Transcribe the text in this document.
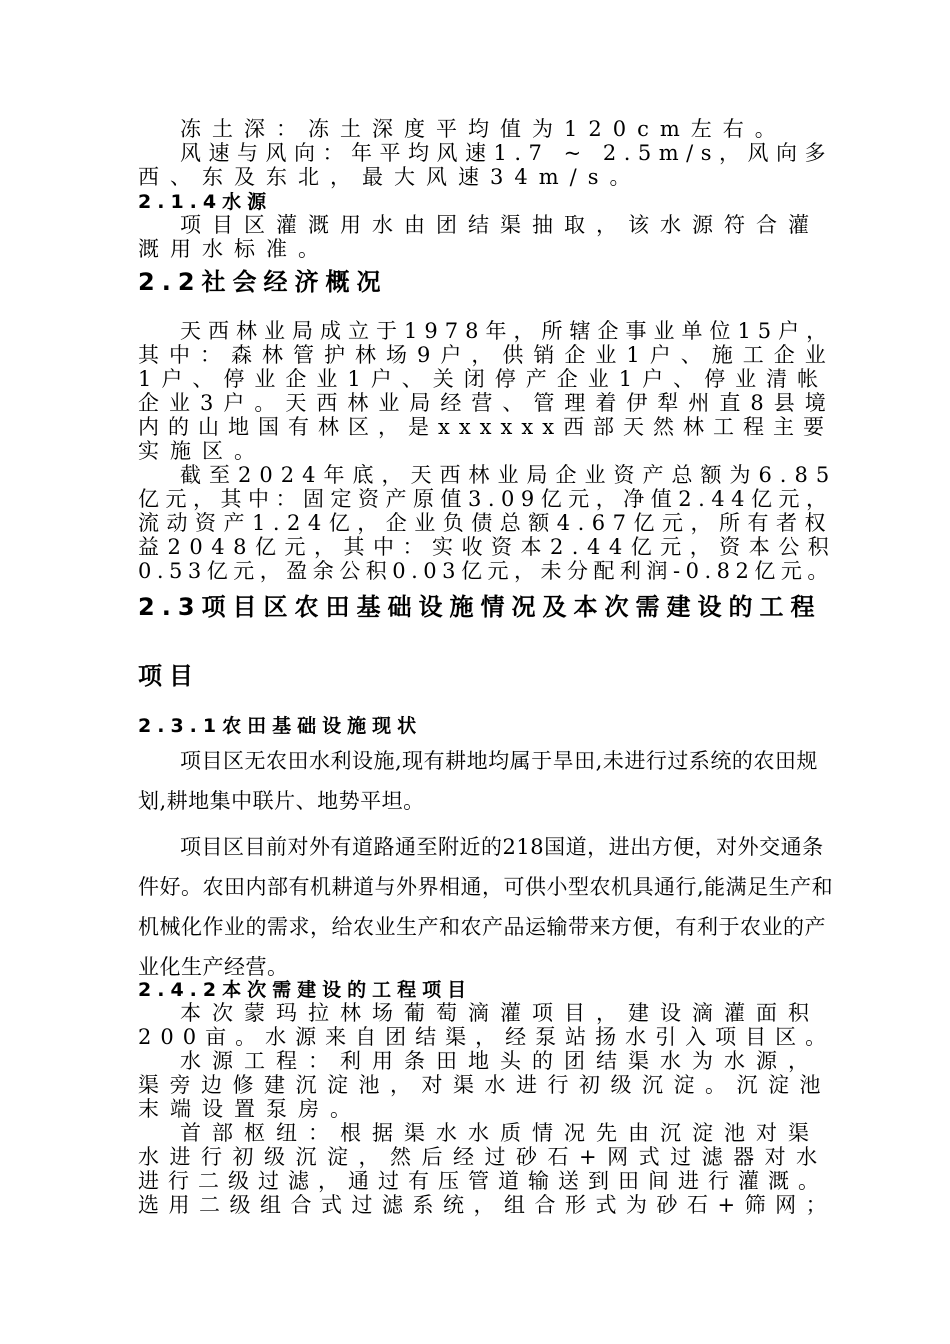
冻土深：冻土深度平均值为120cm左右。
风速与风向：年平均风速1.7 ~ 2.5m/s，风向多
西、东及东北，最大风速34m/s。
2.1.4水源
项目区灌溉用水由团结渠抽取，该水源符合灌
溉用水标准。
2.2社会经济概况
天西林业局成立于1978年，所辖企事业单位15户，
其中：森林管护林场9户，供销企业1户、施工企业
1户、停业企业1户、关闭停产企业1户、停业清帐
企业3户。天西林业局经营、管理着伊犁州直8县境
内的山地国有林区，是xxxxxx西部天然林工程主要
实施区。
截至2024年底，天西林业局企业资产总额为6.85
亿元，其中：固定资产原值3.09亿元，净值2.44亿元，
流动资产1.24亿，企业负债总额4.67亿元，所有者权
益2048亿元，其中：实收资本2.44亿元，资本公积
0.53亿元，盈余公积0.03亿元，未分配利润-0.82亿元。
2.3项目区农田基础设施情况及本次需建设的工程
项目
2.3.1农田基础设施现状

项目区无农田水利设施,现有耕地均属于旱田,未进行过系统的农田规划,耕地集中联片、地势平坦。

项目区目前对外有道路通至附近的218国道，进出方便，对外交通条件好。农田内部有机耕道与外界相通，可供小型农机具通行,能满足生产和机械化作业的需求，给农业生产和农产品运输带来方便，有利于农业的产业化生产经营。

2.4.2本次需建设的工程项目
本次蒙玛拉林场葡萄滴灌项目，建设滴灌面积
200亩。水源来自团结渠，经泵站扬水引入项目区。
水源工程：利用条田地头的团结渠水为水源，
渠旁边修建沉淀池，对渠水进行初级沉淀。沉淀池
末端设置泵房。
首部枢纽：根据渠水水质情况先由沉淀池对渠
水进行初级沉淀，然后经过砂石+网式过滤器对水
进行二级过滤，通过有压管道输送到田间进行灌溉。
选用二级组合式过滤系统，组合形式为砂石+筛网；
